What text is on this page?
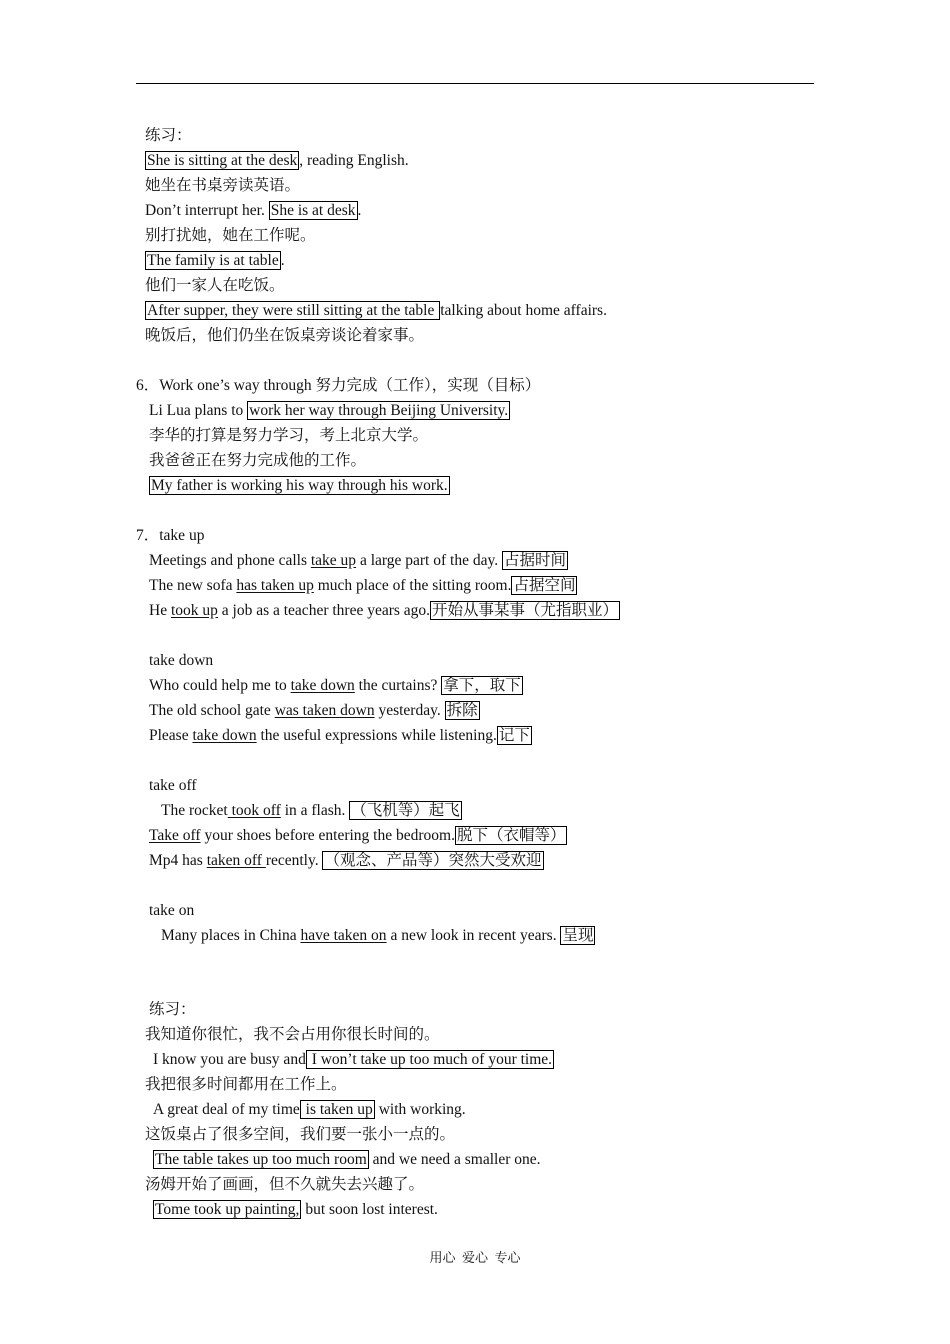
练习：
She is sitting at the desk , reading English.
她坐在书桌旁读英语。
Don’t interrupt her. She is at desk .
别打扰她，她在工作呢。
The family is at table .
他们一家人在吃饭。
After supper, they were still sitting at the table talking about home affairs.
晚饭后，他们仍坐在饭桌旁谈论着家事。
6．Work one’s way through 努力完成（工作），实现（目标）
Li Lua plans to work her way through Beijing University.
李华的打算是努力学习，考上北京大学。
我爸爸正在努力完成他的工作。
My father is working his way through his work.
7．take up
Meetings and phone calls take up a large part of the day. 占据时间
The new sofa has taken up much place of the sitting room. 占据空间
He took up a job as a teacher three years ago. 开始从事某事（尤指职业）
take down
Who could help me to take down the curtains? 拿下，取下
The old school gate was taken down yesterday. 拆除
Please take down the useful expressions while listening. 记下
take off
The rocket took off in a flash. （飞机等）起飞
Take off your shoes before entering the bedroom. 脱下（衣帽等）
Mp4 has taken off recently. （观念、产品等）突然大受欢迎
take on
Many places in China have taken on a new look in recent years. 呈现
练习：
我知道你很忙，我不会占用你很长时间的。
I know you are busy and I won’t take up too much of your time.
我把很多时间都用在工作上。
A great deal of my time is taken up with working.
这饭桌占了很多空间，我们要一张小一点的。
The table takes up too much room and we need a smaller one.
汤姆开始了画画，但不久就失去兴趣了。
Tome took up painting, but soon lost interest.
用心  爱心  专心
